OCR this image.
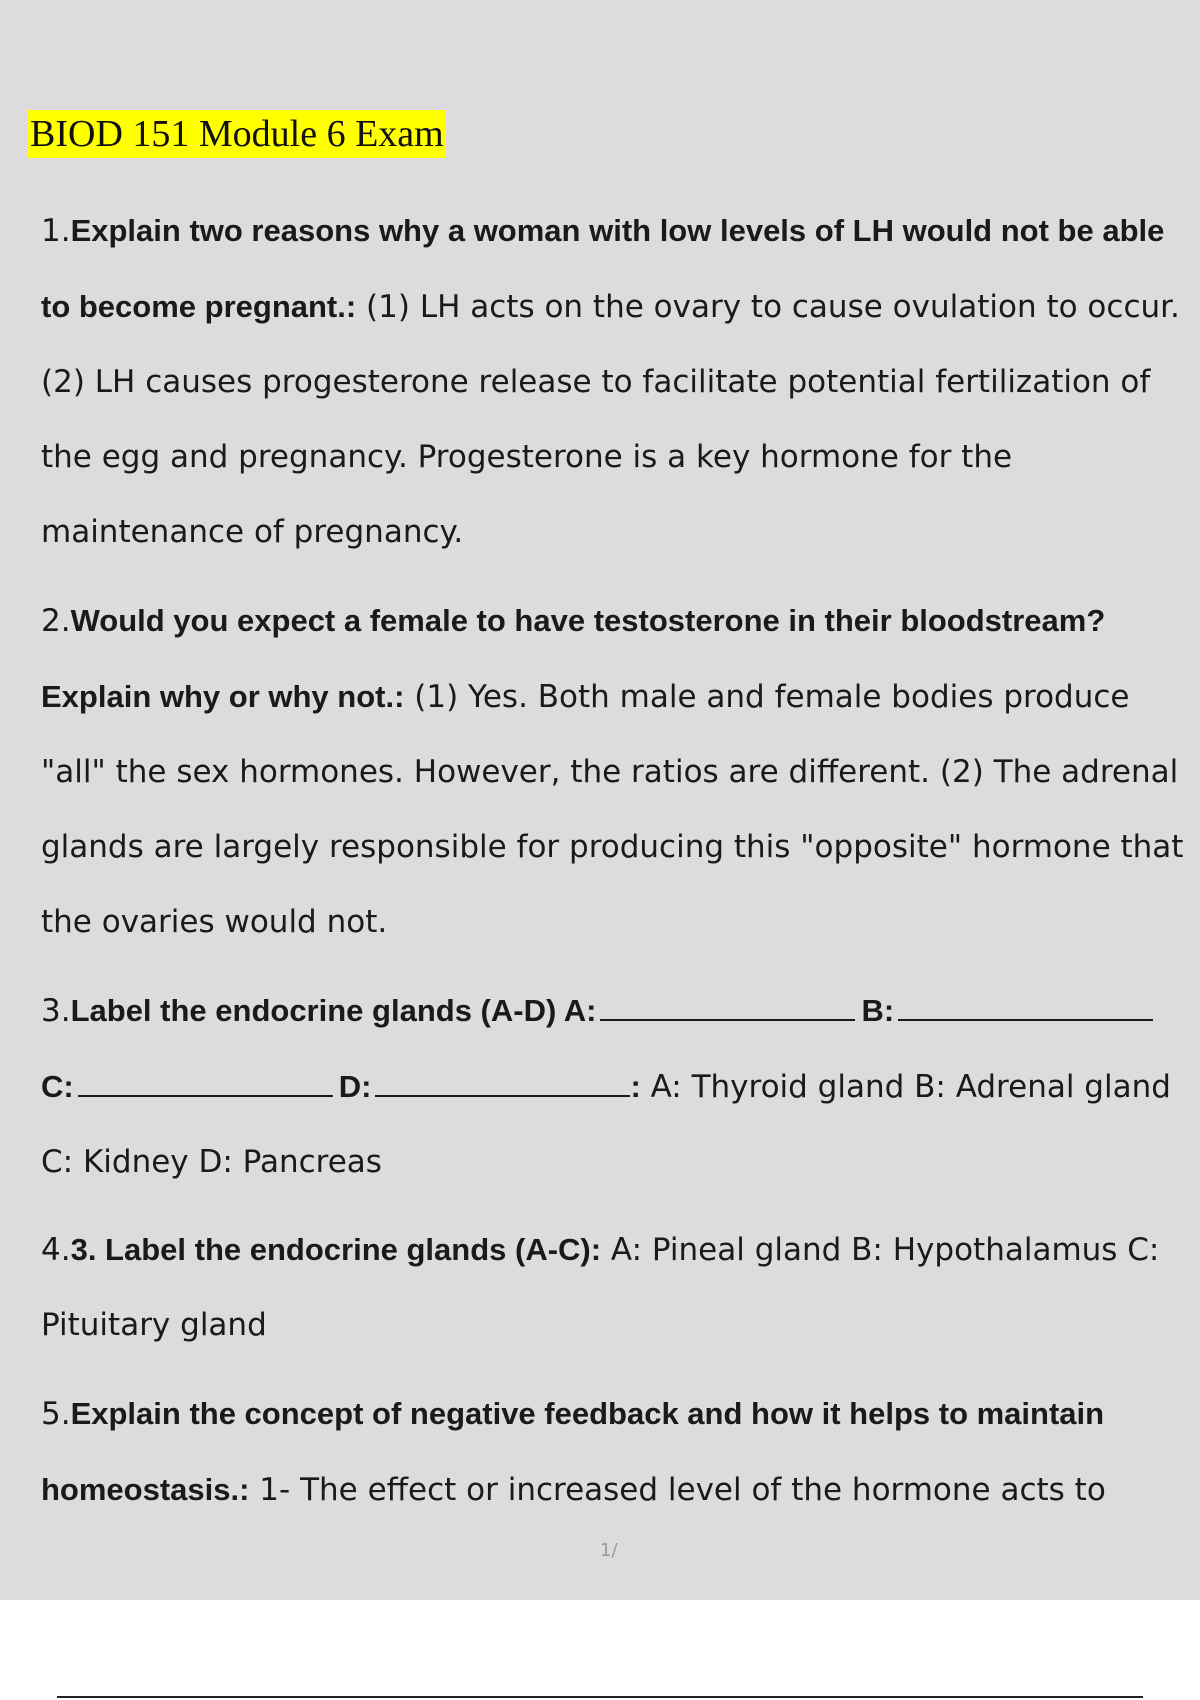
BIOD 151 Module 6 Exam
1.Explain two reasons why a woman with low levels of LH would not be able to become pregnant.: (1) LH acts on the ovary to cause ovulation to occur. (2) LH causes progesterone release to facilitate potential fertilization of the egg and pregnancy. Progesterone is a key hormone for the maintenance of pregnancy.
2.Would you expect a female to have testosterone in their bloodstream? Explain why or why not.: (1) Yes. Both male and female bodies produce "all" the sex hormones. However, the ratios are different. (2) The adrenal glands are largely responsible for producing this "opposite" hormone that the ovaries would not.
3.Label the endocrine glands (A-D) A:	B: C:	D:	: A: Thyroid gland B: Adrenal gland C: Kidney D: Pancreas
4.3. Label the endocrine glands (A-C): A: Pineal gland B: Hypothalamus C: Pituitary gland
5.Explain the concept of negative feedback and how it helps to maintain homeostasis.: 1- The effect or increased level of the hormone acts to
1/
